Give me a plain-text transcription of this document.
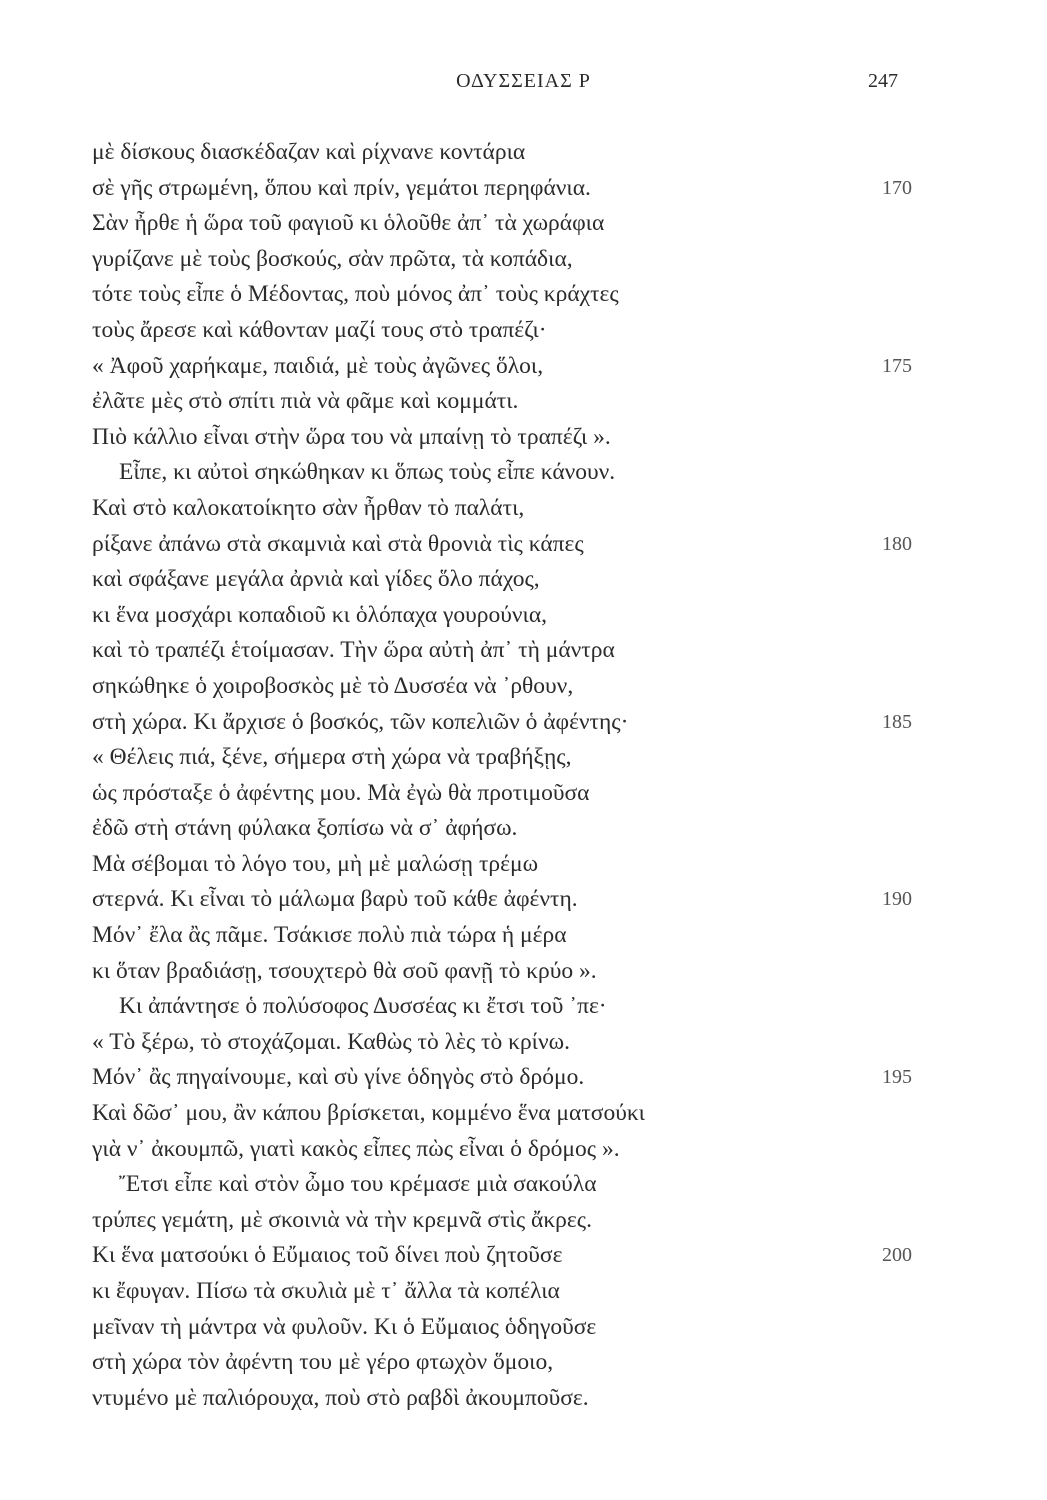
ΟΔΥΣΣΕΙΑΣ Ρ	247
μὲ δίσκους διασκέδαζαν καὶ ρίχνανε κοντάρια
σὲ γῆς στρωμένη, ὅπου καὶ πρίν, γεμάτοι περηφάνια.	170
Σὰν ἦρθε ἡ ὥρα τοῦ φαγιοῦ κι ὁλοῦθε ἀπ᾽ τὰ χωράφια
γυρίζανε μὲ τοὺς βοσκούς, σὰν πρῶτα, τὰ κοπάδια,
τότε τοὺς εἶπε ὁ Μέδοντας, ποὺ μόνος ἀπ᾽ τοὺς κράχτες
τοὺς ἄρεσε καὶ κάθονταν μαζί τους στὸ τραπέζι·
« Ἀφοῦ χαρήκαμε, παιδιά, μὲ τοὺς ἀγῶνες ὅλοι,	175
ἐλᾶτε μὲς στὸ σπίτι πιὰ νὰ φᾶμε καὶ κομμάτι.
Πιὸ κάλλιο εἶναι στὴν ὥρα του νὰ μπαίνῃ τὸ τραπέζι ».
Εἶπε, κι αὐτοὶ σηκώθηκαν κι ὅπως τοὺς εἶπε κάνουν.
Καὶ στὸ καλοκατοίκητο σὰν ἦρθαν τὸ παλάτι,
ρίξανε ἀπάνω στὰ σκαμνιὰ καὶ στὰ θρονιὰ τὶς κάπες	180
καὶ σφάξανε μεγάλα ἀρνιὰ καὶ γίδες ὅλο πάχος,
κι ἕνα μοσχάρι κοπαδιοῦ κι ὁλόπαχα γουρούνια,
καὶ τὸ τραπέζι ἑτοίμασαν. Τὴν ὥρα αὐτὴ ἀπ᾽ τὴ μάντρα
σηκώθηκε ὁ χοιροβοσκὸς μὲ τὸ Δυσσέα νὰ ᾽ρθουν,
στὴ χώρα. Κι ἄρχισε ὁ βοσκός, τῶν κοπελιῶν ὁ ἀφέντης·	185
« Θέλεις πιά, ξένε, σήμερα στὴ χώρα νὰ τραβήξῃς,
ὡς πρόσταξε ὁ ἀφέντης μου. Μὰ ἐγὼ θὰ προτιμοῦσα
ἐδῶ στὴ στάνη φύλακα ξοπίσω νὰ σ᾽ ἀφήσω.
Μὰ σέβομαι τὸ λόγο του, μὴ μὲ μαλώσῃ τρέμω
στερνά. Κι εἶναι τὸ μάλωμα βαρὺ τοῦ κάθε ἀφέντη.	190
Μόν᾽ ἔλα ἂς πᾶμε. Τσάκισε πολὺ πιὰ τώρα ἡ μέρα
κι ὅταν βραδιάσῃ, τσουχτερὸ θὰ σοῦ φανῇ τὸ κρύο ».
Κι ἀπάντησε ὁ πολύσοφος Δυσσέας κι ἔτσι τοῦ ᾽πε·
« Τὸ ξέρω, τὸ στοχάζομαι. Καθὼς τὸ λὲς τὸ κρίνω.
Μόν᾽ ἂς πηγαίνουμε, καὶ σὺ γίνε ὁδηγὸς στὸ δρόμο.	195
Καὶ δῶσ᾽ μου, ἂν κάπου βρίσκεται, κομμένο ἕνα ματσούκι
γιὰ ν᾽ ἀκουμπῶ, γιατὶ κακὸς εἶπες πὼς εἶναι ὁ δρόμος ».
Ἔτσι εἶπε καὶ στὸν ὦμο του κρέμασε μιὰ σακούλα
τρύπες γεμάτη, μὲ σκοινιὰ νὰ τὴν κρεμνᾶ στὶς ἄκρες.
Κι ἕνα ματσούκι ὁ Εὔμαιος τοῦ δίνει ποὺ ζητοῦσε	200
κι ἔφυγαν. Πίσω τὰ σκυλιὰ μὲ τ᾽ ἄλλα τὰ κοπέλια
μεῖναν τὴ μάντρα νὰ φυλοῦν. Κι ὁ Εὔμαιος ὁδηγοῦσε
στὴ χώρα τὸν ἀφέντη του μὲ γέρο φτωχὸν ὅμοιο,
ντυμένο μὲ παλιόρουχα, ποὺ στὸ ραβδὶ ἀκουμποῦσε.
